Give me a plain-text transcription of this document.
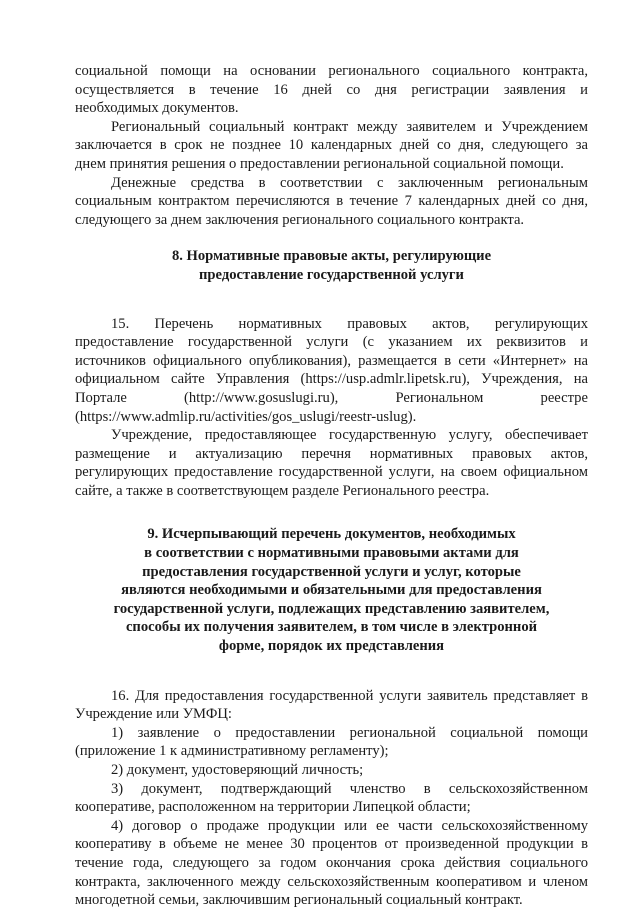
социальной помощи на основании регионального социального контракта,
осуществляется в течение 16 дней со дня регистрации заявления и
необходимых документов.

Региональный социальный контракт между заявителем и Учреждением
заключается в срок не позднее 10 календарных дней со дня, следующего за
днем принятия решения о предоставлении региональной социальной помощи.

Денежные средства в соответствии с заключенным региональным
социальным контрактом перечисляются в течение 7 календарных дней со дня,
следующего за днем заключения регионального социального контракта.

8. Нормативные правовые акты, регулирующие
предоставление государственной услуги

15. Перечень нормативных правовых актов, регулирующих
предоставление государственной услуги (с указанием их реквизитов и
источников официального опубликования), размещается в сети «Интернет» на
официальном сайте Управления (https://usp.admlr.lipetsk.ru), Учреждения, на
Портале	(http://www.gosuslugi.ru),	Региональном	реестре
(https://www.admlip.ru/activities/gos_uslugi/reestr-uslug).

Учреждение, предоставляющее государственную услугу, обеспечивает
размещение и актуализацию перечня нормативных правовых актов,
регулирующих предоставление государственной услуги, на своем официальном
сайте, а также в соответствующем разделе Регионального реестра.

9. Исчерпывающий перечень документов, необходимых
в соответствии с нормативными правовыми актами для
предоставления государственной услуги и услуг, которые
являются необходимыми и обязательными для предоставления
государственной услуги, подлежащих представлению заявителем,
способы их получения заявителем, в том числе в электронной
форме, порядок их представления

16. Для предоставления государственной услуги заявитель представляет в
Учреждение или УМФЦ:

1) заявление о предоставлении региональной социальной помощи
(приложение 1 к административному регламенту);

2) документ, удостоверяющий личность;

3) документ, подтверждающий членство в сельскохозяйственном
кооперативе, расположенном на территории Липецкой области;

4) договор о продаже продукции или ее части сельскохозяйственному
кооперативу в объеме не менее 30 процентов от произведенной продукции в
течение года, следующего за годом окончания срока действия социального
контракта, заключенного между сельскохозяйственным кооперативом и членом
многодетной семьи, заключившим региональный социальный контракт.
